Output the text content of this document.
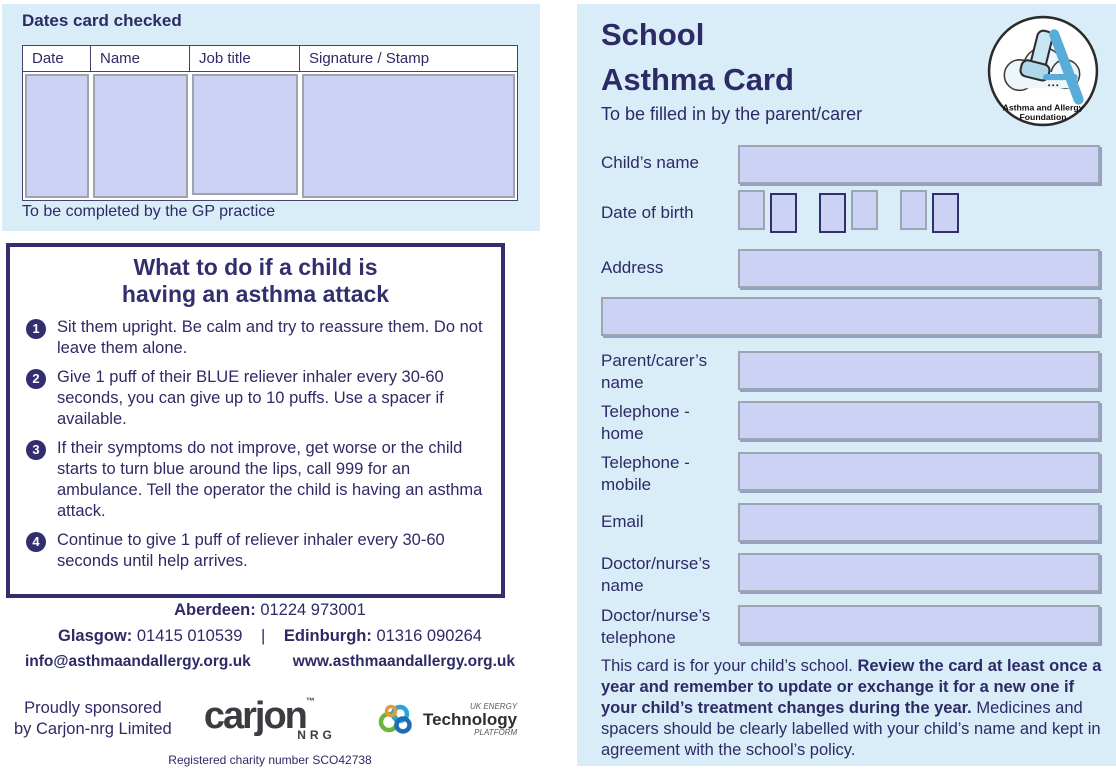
Dates card checked
Date	Name	Job title	Signature / Stamp
To be completed by the GP practice
What to do if a child is
having an asthma attack
1	Sit them upright. Be calm and try to reassure them. Do not leave them alone.
2	Give 1 puff of their BLUE reliever inhaler every 30-60 seconds, you can give up to 10 puffs. Use a spacer if available.
3	If their symptoms do not improve, get worse or the child starts to turn blue around the lips, call 999 for an ambulance. Tell the operator the child is having an asthma attack.
4	Continue to give 1 puff of reliever inhaler every 30-60 seconds until help arrives.
Aberdeen: 01224 973001
Glasgow: 01415 010539 | Edinburgh: 01316 090264
info@asthmaandallergy.org.uk	www.asthmaandallergy.org.uk
Proudly sponsored
by Carjon-nrg Limited carjon™
NRG
UK ENERGY
Technology
PLATFORM
Registered charity number SCO42738
School
Asthma Card
To be filled in by the parent/carer	Asthma and Allergy
Foundation
Child’s name
Date of birth
Address
Parent/carer’s name
Telephone - home
Telephone - mobile
Email
Doctor/nurse’s name
Doctor/nurse’s telephone
This card is for your child’s school. Review the card at least once a year and remember to update or exchange it for a new one if your child’s treatment changes during the year. Medicines and spacers should be clearly labelled with your child’s name and kept in agreement with the school’s policy.
